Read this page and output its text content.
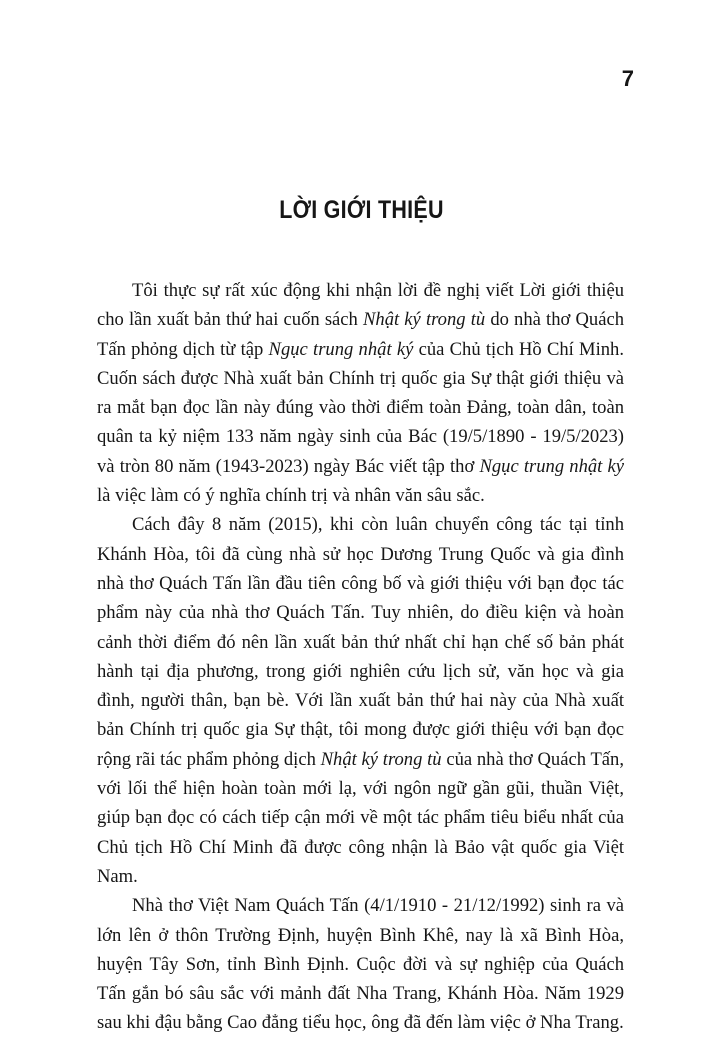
7
LỜI GIỚI THIỆU

Tôi thực sự rất xúc động khi nhận lời đề nghị viết Lời giới thiệu cho lần xuất bản thứ hai cuốn sách Nhật ký trong tù do nhà thơ Quách Tấn phỏng dịch từ tập Ngục trung nhật ký của Chủ tịch Hồ Chí Minh. Cuốn sách được Nhà xuất bản Chính trị quốc gia Sự thật giới thiệu và ra mắt bạn đọc lần này đúng vào thời điểm toàn Đảng, toàn dân, toàn quân ta kỷ niệm 133 năm ngày sinh của Bác (19/5/1890 - 19/5/2023) và tròn 80 năm (1943-2023) ngày Bác viết tập thơ Ngục trung nhật ký là việc làm có ý nghĩa chính trị và nhân văn sâu sắc.

Cách đây 8 năm (2015), khi còn luân chuyển công tác tại tỉnh Khánh Hòa, tôi đã cùng nhà sử học Dương Trung Quốc và gia đình nhà thơ Quách Tấn lần đầu tiên công bố và giới thiệu với bạn đọc tác phẩm này của nhà thơ Quách Tấn. Tuy nhiên, do điều kiện và hoàn cảnh thời điểm đó nên lần xuất bản thứ nhất chỉ hạn chế số bản phát hành tại địa phương, trong giới nghiên cứu lịch sử, văn học và gia đình, người thân, bạn bè. Với lần xuất bản thứ hai này của Nhà xuất bản Chính trị quốc gia Sự thật, tôi mong được giới thiệu với bạn đọc rộng rãi tác phẩm phỏng dịch Nhật ký trong tù của nhà thơ Quách Tấn, với lối thể hiện hoàn toàn mới lạ, với ngôn ngữ gần gũi, thuần Việt, giúp bạn đọc có cách tiếp cận mới về một tác phẩm tiêu biểu nhất của Chủ tịch Hồ Chí Minh đã được công nhận là Bảo vật quốc gia Việt Nam.

Nhà thơ Việt Nam Quách Tấn (4/1/1910 - 21/12/1992) sinh ra và lớn lên ở thôn Trường Định, huyện Bình Khê, nay là xã Bình Hòa, huyện Tây Sơn, tỉnh Bình Định. Cuộc đời và sự nghiệp của Quách Tấn gắn bó sâu sắc với mảnh đất Nha Trang, Khánh Hòa. Năm 1929 sau khi đậu bằng Cao đẳng tiểu học, ông đã đến làm việc ở Nha Trang.
